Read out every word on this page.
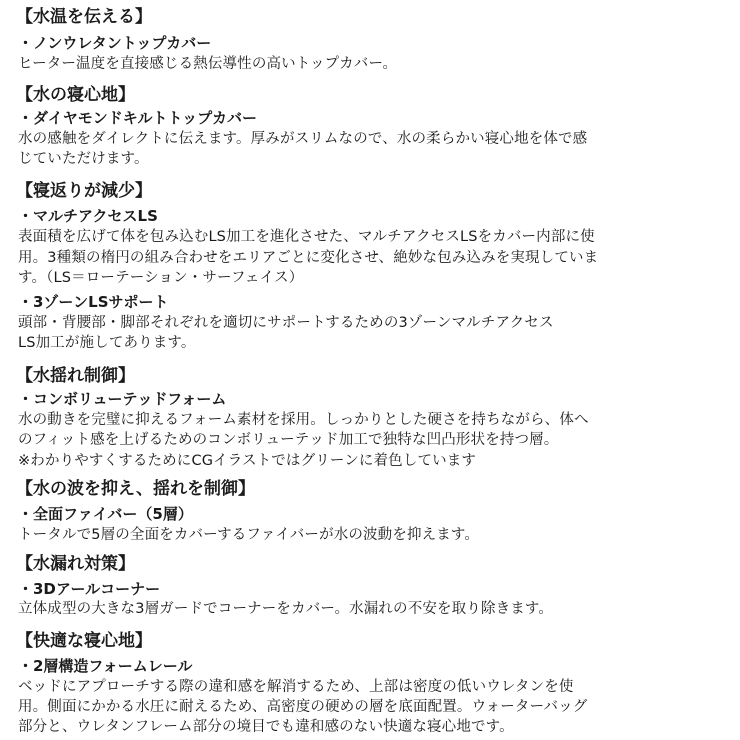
【水温を伝える】
・ノンウレタントップカバー
ヒーター温度を直接感じる熱伝導性の高いトップカバー。
【水の寝心地】
・ダイヤモンドキルトトップカバー
水の感触をダイレクトに伝えます。厚みがスリムなので、水の柔らかい寝心地を体で感
じていただけます。
【寝返りが減少】
・マルチアクセスLS
表面積を広げて体を包み込むLS加工を進化させた、マルチアクセスLSをカバー内部に使
用。3種類の楕円の組み合わせをエリアごとに変化させ、絶妙な包み込みを実現していま
す。（LS＝ローテーション・サーフェイス）
・3ゾーンLSサポート
頭部・背腰部・脚部それぞれを適切にサポートするための3ゾーンマルチアクセス
LS加工が施してあります。
【水揺れ制御】
・コンボリューテッドフォーム
水の動きを完璧に抑えるフォーム素材を採用。しっかりとした硬さを持ちながら、体へ
のフィット感を上げるためのコンボリューテッド加工で独特な凹凸形状を持つ層。
※わかりやすくするためにCGイラストではグリーンに着色しています
【水の波を抑え、揺れを制御】
・全面ファイバー（5層）
トータルで5層の全面をカバーするファイバーが水の波動を抑えます。
【水漏れ対策】
・3Dアールコーナー
立体成型の大きな3層ガードでコーナーをカバー。水漏れの不安を取り除きます。
【快適な寝心地】
・2層構造フォームレール
ベッドにアプローチする際の違和感を解消するため、上部は密度の低いウレタンを使
用。側面にかかる水圧に耐えるため、高密度の硬めの層を底面配置。ウォーターバッグ
部分と、ウレタンフレーム部分の境目でも違和感のない快適な寝心地です。
